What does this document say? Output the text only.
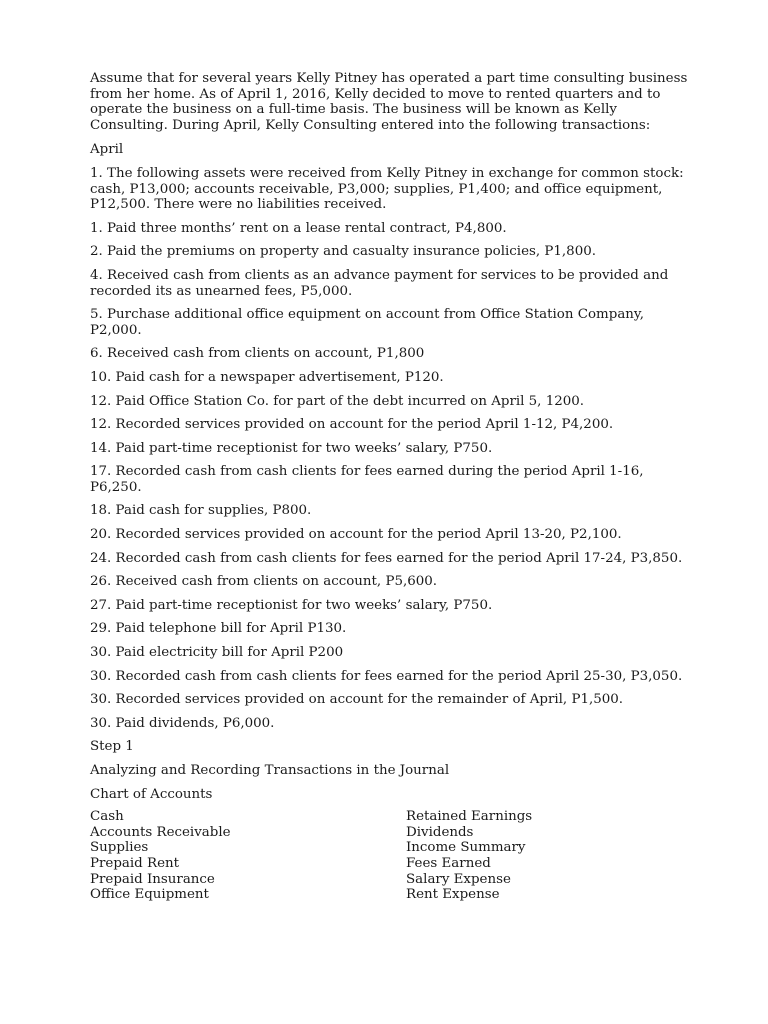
Assume that for several years Kelly Pitney has operated a part time consulting business from her home. As of April 1, 2016, Kelly decided to move to rented quarters and to operate the business on a full-time basis. The business will be known as Kelly Consulting. During April, Kelly Consulting entered into the following transactions:

April

1. The following assets were received from Kelly Pitney in exchange for common stock: cash, P13,000; accounts receivable, P3,000; supplies, P1,400; and office equipment, P12,500. There were no liabilities received.

1. Paid three months’ rent on a lease rental contract, P4,800.

2. Paid the premiums on property and casualty insurance policies, P1,800.

4. Received cash from clients as an advance payment for services to be provided and recorded its as unearned fees, P5,000.

5. Purchase additional office equipment on account from Office Station Company, P2,000.

6. Received cash from clients on account, P1,800

10. Paid cash for a newspaper advertisement, P120.

12. Paid Office Station Co. for part of the debt incurred on April 5, 1200.

12. Recorded services provided on account for the period April 1-12, P4,200.

14. Paid part-time receptionist for two weeks’ salary, P750.

17. Recorded cash from cash clients for fees earned during the period April 1-16, P6,250.

18. Paid cash for supplies, P800.

20. Recorded services provided on account for the period April 13-20, P2,100.

24. Recorded cash from cash clients for fees earned for the period April 17-24, P3,850.

26. Received cash from clients on account, P5,600.

27. Paid part-time receptionist for two weeks’ salary, P750.

29. Paid telephone bill for April P130.

30. Paid electricity bill for April P200

30. Recorded cash from cash clients for fees earned for the period April 25-30, P3,050.

30. Recorded services provided on account for the remainder of April, P1,500.

30. Paid dividends, P6,000.

Step 1

Analyzing and Recording Transactions in the Journal

Chart of Accounts

Cash
Accounts Receivable
Supplies
Prepaid Rent
Prepaid Insurance
Office Equipment
Retained Earnings
Dividends
Income Summary
Fees Earned
Salary Expense
Rent Expense
